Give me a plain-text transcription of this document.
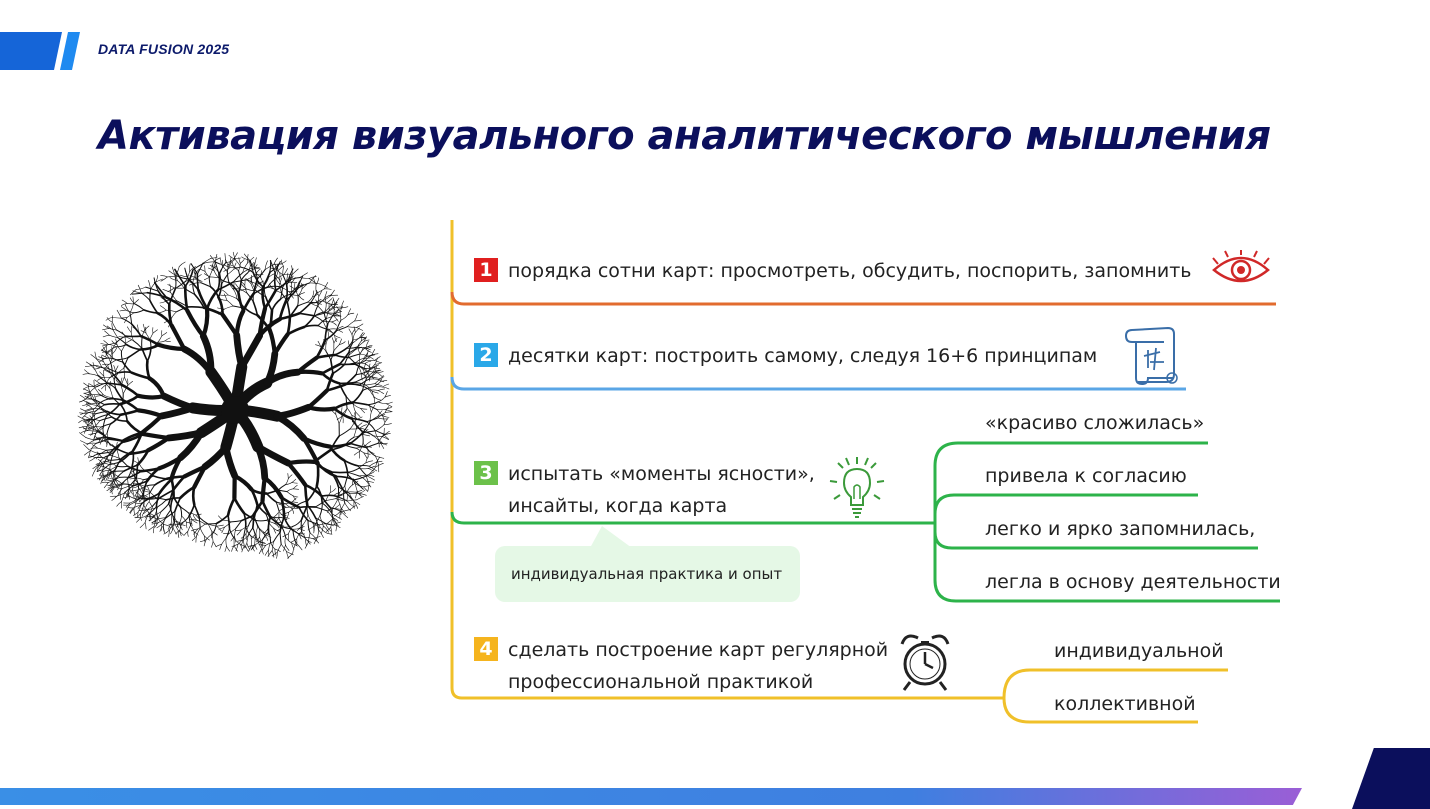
DATA FUSION 2025
Активация визуального аналитического мышления
1 порядка сотни карт: просмотреть, обсудить, поспорить, запомнить
2 десятки карт: построить самому, следуя 16+6 принципам
3 испытать «моменты ясности»,
инсайты, когда карта
«красиво сложилась»
привела к согласию
легко и ярко запомнилась,
легла в основу деятельности
индивидуальная практика и опыт
4 сделать построение карт регулярной
профессиональной практикой
индивидуальной
коллективной
